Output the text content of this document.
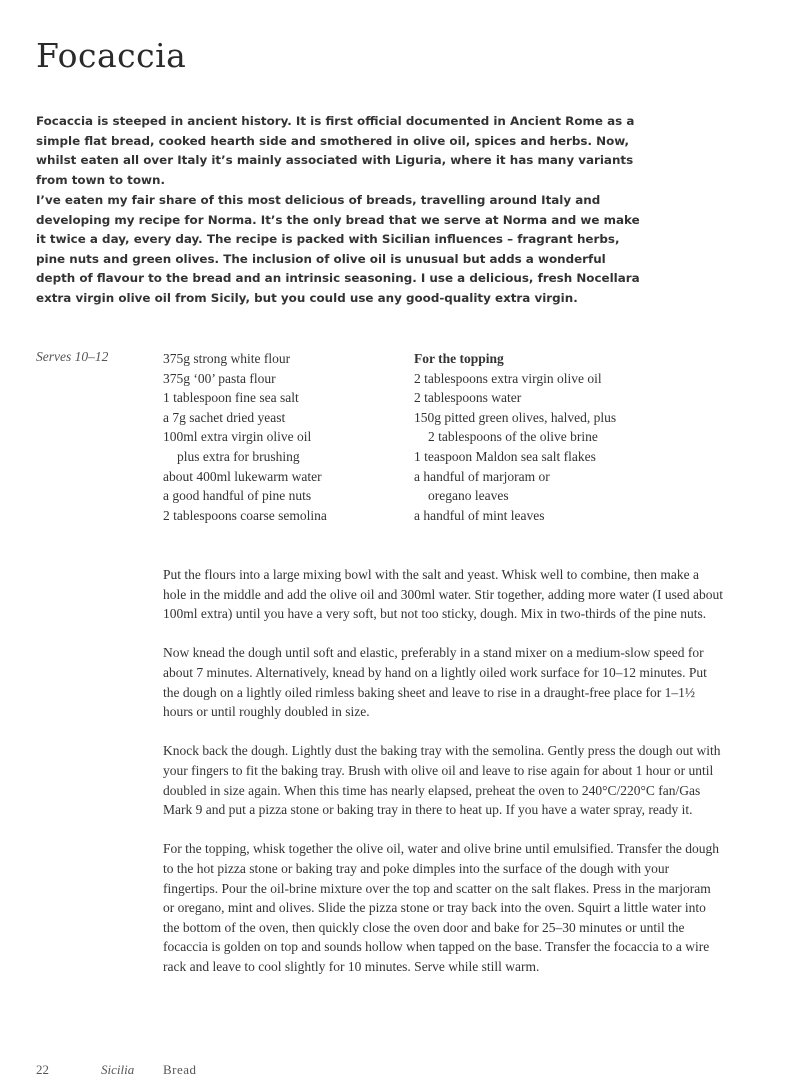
Focaccia

Focaccia is steeped in ancient history. It is first official documented in Ancient Rome as a simple flat bread, cooked hearth side and smothered in olive oil, spices and herbs. Now, whilst eaten all over Italy it’s mainly associated with Liguria, where it has many variants from town to town.

I’ve eaten my fair share of this most delicious of breads, travelling around Italy and developing my recipe for Norma. It’s the only bread that we serve at Norma and we make it twice a day, every day. The recipe is packed with Sicilian influences – fragrant herbs, pine nuts and green olives. The inclusion of olive oil is unusual but adds a wonderful depth of flavour to the bread and an intrinsic seasoning. I use a delicious, fresh Nocellara extra virgin olive oil from Sicily, but you could use any good-quality extra virgin.

Serves 10–12	375g strong white flour
375g ‘00’ pasta flour
1 tablespoon fine sea salt
a 7g sachet dried yeast
100ml extra virgin olive oil
plus extra for brushing
about 400ml lukewarm water
a good handful of pine nuts
2 tablespoons coarse semolina
For the topping
2 tablespoons extra virgin olive oil
2 tablespoons water
150g pitted green olives, halved, plus
2 tablespoons of the olive brine
1 teaspoon Maldon sea salt flakes
a handful of marjoram or
oregano leaves
a handful of mint leaves

Put the flours into a large mixing bowl with the salt and yeast. Whisk well to combine, then make a hole in the middle and add the olive oil and 300ml water. Stir together, adding more water (I used about 100ml extra) until you have a very soft, but not too sticky, dough. Mix in two-thirds of the pine nuts.

Now knead the dough until soft and elastic, preferably in a stand mixer on a medium-slow speed for about 7 minutes. Alternatively, knead by hand on a lightly oiled work surface for 10–12 minutes. Put the dough on a lightly oiled rimless baking sheet and leave to rise in a draught-free place for 1–1½ hours or until roughly doubled in size.

Knock back the dough. Lightly dust the baking tray with the semolina. Gently press the dough out with your fingers to fit the baking tray. Brush with olive oil and leave to rise again for about 1 hour or until doubled in size again. When this time has nearly elapsed, preheat the oven to 240°C/220°C fan/Gas Mark 9 and put a pizza stone or baking tray in there to heat up. If you have a water spray, ready it.

For the topping, whisk together the olive oil, water and olive brine until emulsified. Transfer the dough to the hot pizza stone or baking tray and poke dimples into the surface of the dough with your fingertips. Pour the oil-brine mixture over the top and scatter on the salt flakes. Press in the marjoram or oregano, mint and olives. Slide the pizza stone or tray back into the oven. Squirt a little water into the bottom of the oven, then quickly close the oven door and bake for 25–30 minutes or until the focaccia is golden on top and sounds hollow when tapped on the base. Transfer the focaccia to a wire rack and leave to cool slightly for 10 minutes. Serve while still warm.

22	Sicilia Bread
